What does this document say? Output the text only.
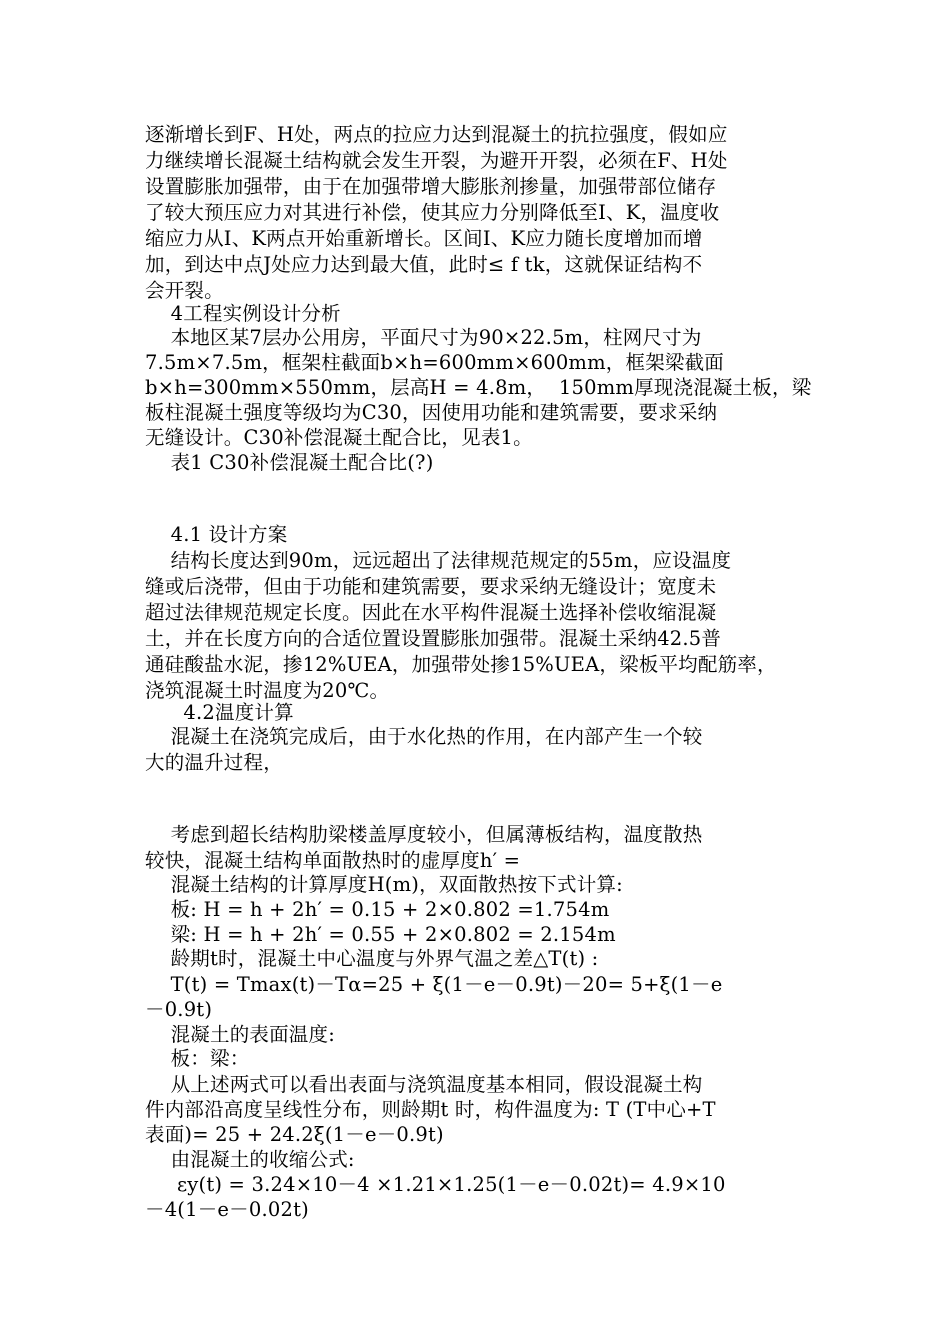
逐渐增长到F、H处，两点的拉应力达到混凝土的抗拉强度，假如应
力继续增长混凝土结构就会发生开裂，为避开开裂，必须在F、H处
设置膨胀加强带，由于在加强带增大膨胀剂掺量，加强带部位储存
了较大预压应力对其进行补偿，使其应力分别降低至I、K，温度收
缩应力从I、K两点开始重新增长。区间I、K应力随长度增加而增
加，到达中点J处应力达到最大值，此时≤ f tk，这就保证结构不
会开裂。
4工程实例设计分析
本地区某7层办公用房，平面尺寸为90×22.5m，柱网尺寸为
7.5m×7.5m，框架柱截面b×h=600mm×600mm，框架梁截面
b×h=300mm×550mm，层高H = 4.8m，  150mm厚现浇混凝土板，梁
板柱混凝土强度等级均为C30，因使用功能和建筑需要，要求采纳
无缝设计。C30补偿混凝土配合比，见表1。
表1 C30补偿混凝土配合比(?)
4.1 设计方案
结构长度达到90m，远远超出了法律规范规定的55m，应设温度
缝或后浇带，但由于功能和建筑需要，要求采纳无缝设计；宽度未
超过法律规范规定长度。因此在水平构件混凝土选择补偿收缩混凝
土，并在长度方向的合适位置设置膨胀加强带。混凝土采纳42.5普
通硅酸盐水泥，掺12%UEA，加强带处掺15%UEA，梁板平均配筋率，
浇筑混凝土时温度为20℃。
4.2温度计算
混凝土在浇筑完成后，由于水化热的作用，在内部产生一个较
大的温升过程，
考虑到超长结构肋梁楼盖厚度较小，但属薄板结构，温度散热
较快，混凝土结构单面散热时的虚厚度h′ =
混凝土结构的计算厚度H(m)，双面散热按下式计算:
板: H = h + 2h′ = 0.15 + 2×0.802 =1.754m
梁: H = h + 2h′ = 0.55 + 2×0.802 = 2.154m
龄期t时，混凝土中心温度与外界气温之差△T(t) :
T(t) = Tmax(t)－Tα=25 + ξ(1－e－0.9t)－20= 5+ξ(1－e
－0.9t)
混凝土的表面温度:
板：梁：
从上述两式可以看出表面与浇筑温度基本相同，假设混凝土构
件内部沿高度呈线性分布，则龄期t 时，构件温度为: T (T中心+T
表面)= 25 + 24.2ξ(1－e－0.9t)
由混凝土的收缩公式:
εy(t) = 3.24×10－4 ×1.21×1.25(1－e－0.02t)= 4.9×10
－4(1－e－0.02t)
